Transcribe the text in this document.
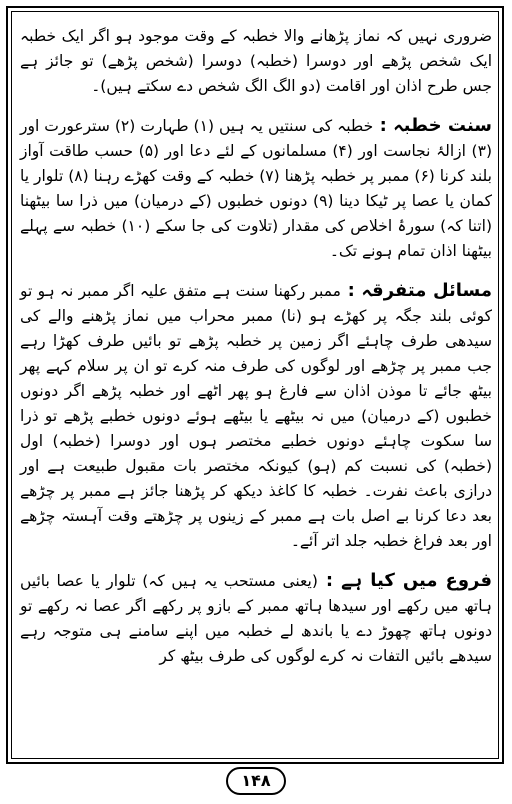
ضروری نہیں کہ نماز پڑھانے والا خطبہ کے وقت موجود ہو اگر ایک خطبہ ایک شخص پڑھے اور دوسرا (خطبہ) دوسرا (شخص پڑھے) تو جائز ہے جس طرح اذان اور اقامت (دو الگ الگ شخص دے سکتے ہیں)۔

سنت خطبہ : خطبہ کی سنتیں یہ ہیں (۱) طہارت (۲) سترعورت اور (۳) ازالۂ نجاست اور (۴) مسلمانوں کے لئے دعا اور (۵) حسب طاقت آواز بلند کرنا (۶) ممبر پر خطبہ پڑھنا (۷) خطبہ کے وقت کھڑے رہنا (۸) تلوار یا کمان یا عصا پر ٹیکا دینا (۹) دونوں خطبوں (کے درمیان) میں ذرا سا بیٹھنا (اتنا کہ) سورۂ اخلاص کی مقدار (تلاوت کی جا سکے (۱۰) خطبہ سے پہلے بیٹھنا اذان تمام ہونے تک۔

مسائل متفرقہ : ممبر رکھنا سنت ہے متفق علیہ اگر ممبر نہ ہو تو کوئی بلند جگہ پر کھڑے ہو (نا) ممبر محراب میں نماز پڑھنے والے کی سیدھی طرف چاہئے اگر زمین پر خطبہ پڑھے تو بائیں طرف کھڑا رہے جب ممبر پر چڑھے اور لوگوں کی طرف منہ کرے تو ان پر سلام کہے پھر بیٹھ جائے تا موذن اذان سے فارغ ہو پھر اٹھے اور خطبہ پڑھے اگر دونوں خطبوں (کے درمیان) میں نہ بیٹھے یا بیٹھے ہوئے دونوں خطبے پڑھے تو ذرا سا سکوت چاہئے دونوں خطبے مختصر ہوں اور دوسرا (خطبہ) اول (خطبہ) کی نسبت کم (ہو) کیونکہ مختصر بات مقبول طبیعت ہے اور درازی باعث نفرت۔ خطبہ کا کاغذ دیکھ کر پڑھنا جائز ہے ممبر پر چڑھے بعد دعا کرنا بے اصل بات ہے ممبر کے زینوں پر چڑھتے وقت آہستہ چڑھے اور بعد فراغ خطبہ جلد اتر آئے۔

فروع میں کیا ہے : (یعنی مستحب یہ ہیں کہ) تلوار یا عصا بائیں ہاتھ میں رکھے اور سیدھا ہاتھ ممبر کے بازو پر رکھے اگر عصا نہ رکھے تو دونوں ہاتھ چھوڑ دے یا باندھ لے خطبہ میں اپنے سامنے ہی متوجہ رہے سیدھے بائیں التفات نہ کرے لوگوں کی طرف بیٹھ کر

۱۴۸
